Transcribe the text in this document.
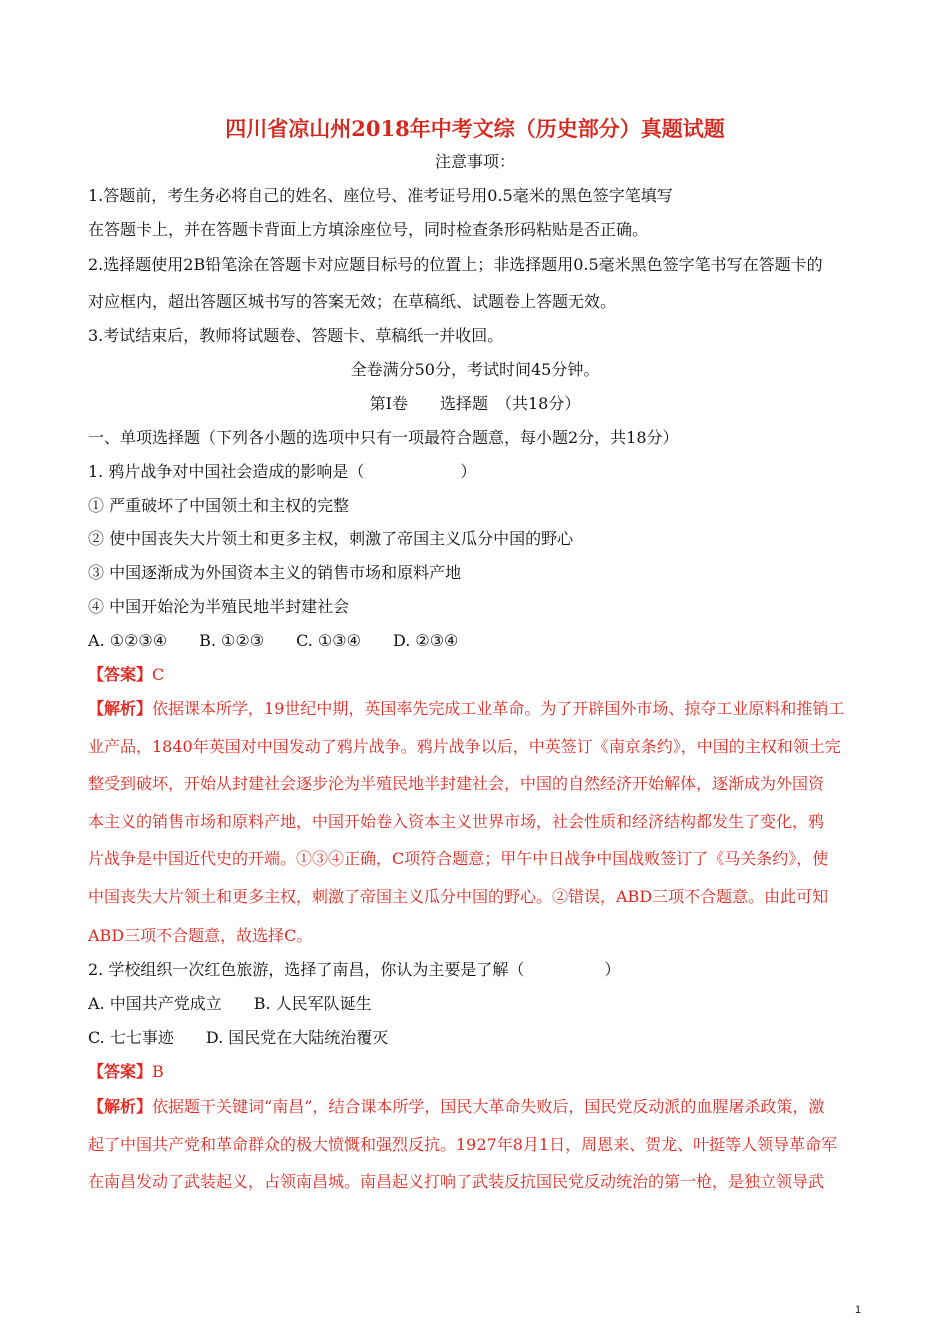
四川省凉山州2018年中考文综（历史部分）真题试题
注意事项：
1.答题前，考生务必将自己的姓名、座位号、准考证号用0.5毫米的黑色签字笔填写
在答题卡上，并在答题卡背面上方填涂座位号，同时检查条形码粘贴是否正确。
2.选择题使用2B铅笔涂在答题卡对应题目标号的位置上；非选择题用0.5毫米黑色签字笔书写在答题卡的
对应框内，超出答题区城书写的答案无效；在草稿纸、试题卷上答题无效。
3.考试结束后，教师将试题卷、答题卡、草稿纸一并收回。
全卷满分50分，考试时间45分钟。
第I卷　　选择题　（共18分）
一、单项选择题（下列各小题的选项中只有一项最符合题意，每小题2分，共18分）
1. 鸦片战争对中国社会造成的影响是（　　　　　　）
① 严重破坏了中国领土和主权的完整
② 使中国丧失大片领土和更多主权，刺激了帝国主义瓜分中国的野心
③ 中国逐渐成为外国资本主义的销售市场和原料产地
④ 中国开始沦为半殖民地半封建社会
A. ①②③④　　B. ①②③　　C. ①③④　　D. ②③④
【答案】C
【解析】依据课本所学，19世纪中期，英国率先完成工业革命。为了开辟国外市场、掠夺工业原料和推销工
业产品，1840年英国对中国发动了鸦片战争。鸦片战争以后，中英签订《南京条约》，中国的主权和领土完
整受到破坏，开始从封建社会逐步沦为半殖民地半封建社会，中国的自然经济开始解体，逐渐成为外国资
本主义的销售市场和原料产地，中国开始卷入资本主义世界市场，社会性质和经济结构都发生了变化，鸦
片战争是中国近代史的开端。①③④正确，C项符合题意；甲午中日战争中国战败签订了《马关条约》，使
中国丧失大片领土和更多主权，刺激了帝国主义瓜分中国的野心。②错误，ABD三项不合题意。由此可知
ABD三项不合题意，故选择C。
2. 学校组织一次红色旅游，选择了南昌，你认为主要是了解（　　　　　）
A. 中国共产党成立　　B. 人民军队诞生
C. 七七事迹　　D. 国民党在大陆统治覆灭
【答案】B
【解析】依据题干关键词“南昌”，结合课本所学，国民大革命失败后，国民党反动派的血腥屠杀政策，激
起了中国共产党和革命群众的极大愤慨和强烈反抗。1927年8月1日，周恩来、贺龙、叶挺等人领导革命军
在南昌发动了武装起义，占领南昌城。南昌起义打响了武装反抗国民党反动统治的第一枪，是独立领导武
1
